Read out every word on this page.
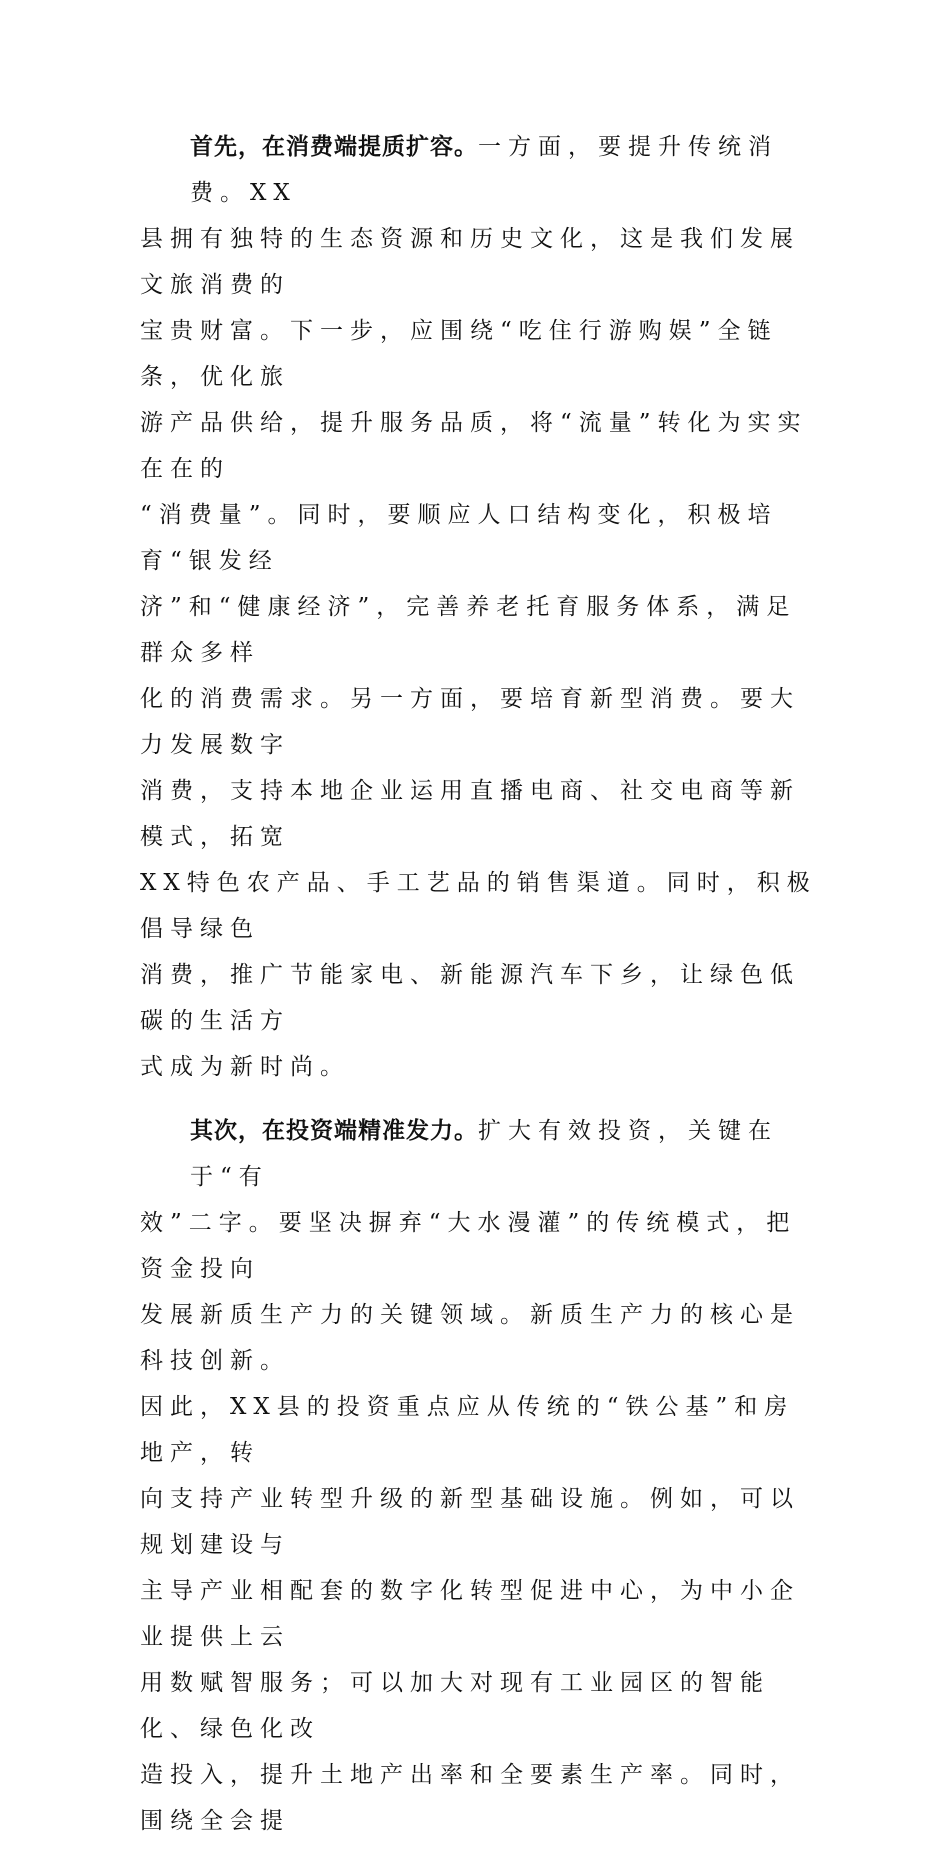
首先，在消费端提质扩容。一方面，要提升传统消费。XX
县拥有独特的生态资源和历史文化，这是我们发展文旅消费的
宝贵财富。下一步，应围绕“吃住行游购娱”全链条，优化旅
游产品供给，提升服务品质，将“流量”转化为实实在在的
“消费量”。同时，要顺应人口结构变化，积极培育“银发经
济”和“健康经济”，完善养老托育服务体系，满足群众多样
化的消费需求。另一方面，要培育新型消费。要大力发展数字
消费，支持本地企业运用直播电商、社交电商等新模式，拓宽
XX特色农产品、手工艺品的销售渠道。同时，积极倡导绿色
消费，推广节能家电、新能源汽车下乡，让绿色低碳的生活方
式成为新时尚。
其次，在投资端精准发力。扩大有效投资，关键在于“有
效”二字。要坚决摒弃“大水漫灌”的传统模式，把资金投向
发展新质生产力的关键领域。新质生产力的核心是科技创新。
因此，XX县的投资重点应从传统的“铁公基”和房地产，转
向支持产业转型升级的新型基础设施。例如，可以规划建设与
主导产业相配套的数字化转型促进中心，为中小企业提供上云
用数赋智服务；可以加大对现有工业园区的智能化、绿色化改
造投入，提升土地产出率和全要素生产率。同时，围绕全会提
